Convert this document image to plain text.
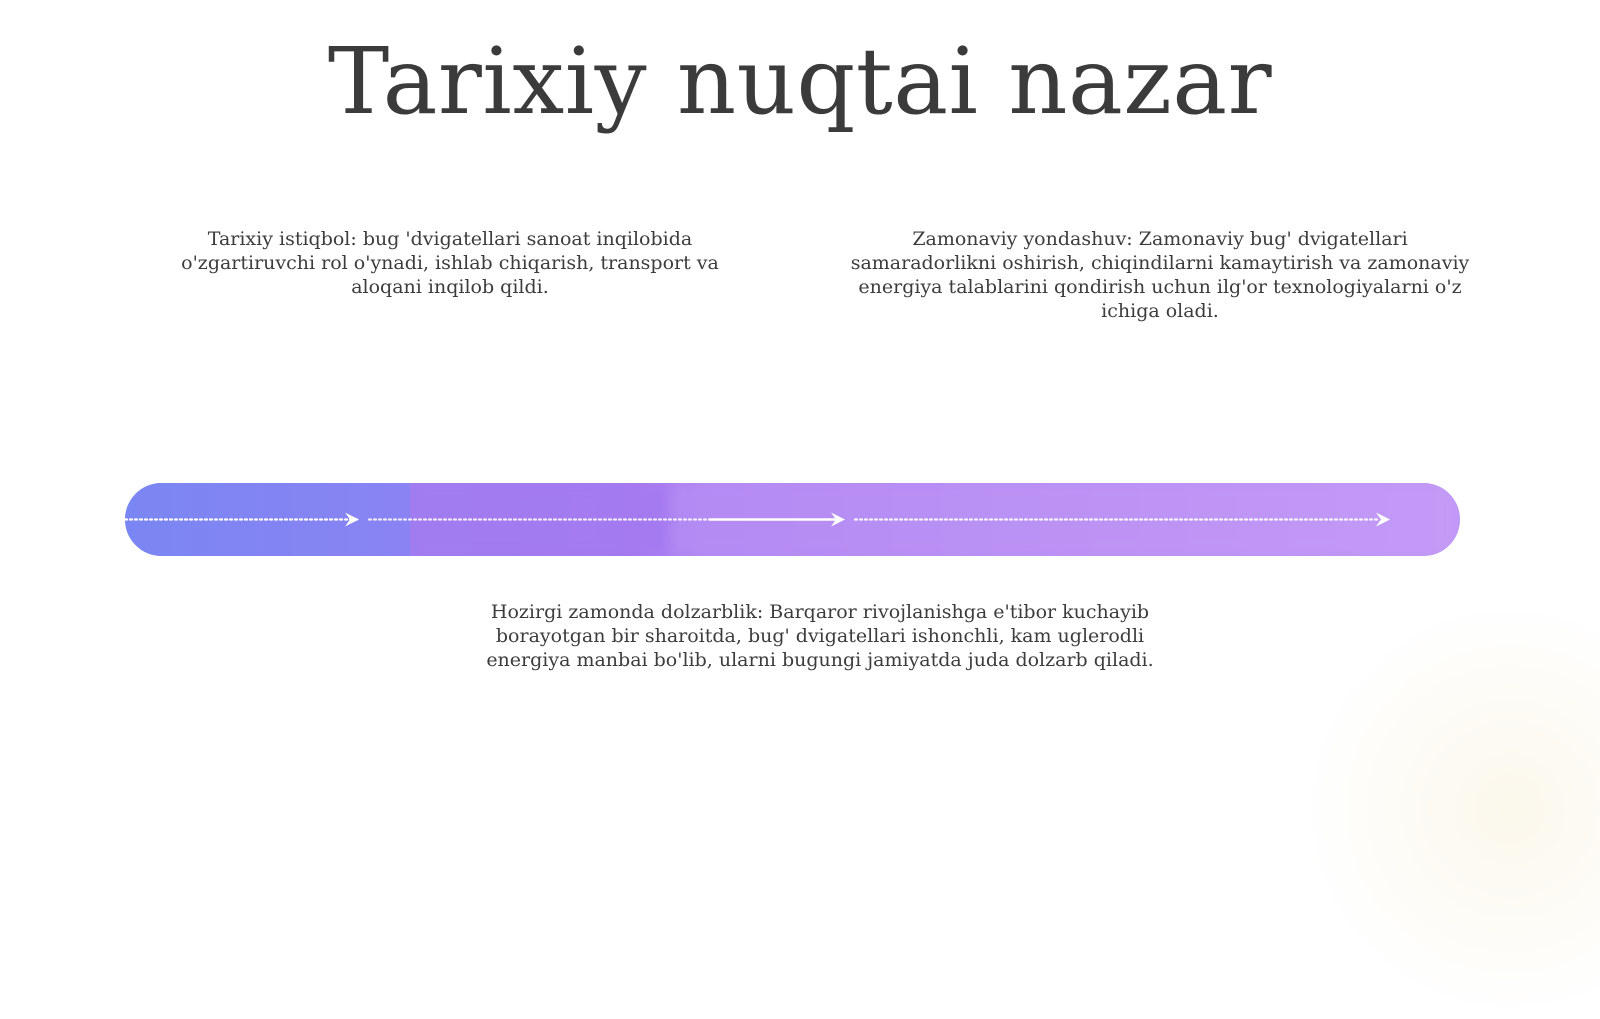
Tarixiy nuqtai nazar

Tarixiy istiqbol: bug 'dvigatellari sanoat inqilobida o'zgartiruvchi rol o'ynadi, ishlab chiqarish, transport va aloqani inqilob qildi.

Zamonaviy yondashuv: Zamonaviy bug' dvigatellari samaradorlikni oshirish, chiqindilarni kamaytirish va zamonaviy energiya talablarini qondirish uchun ilg'or texnologiyalarni o'z ichiga oladi.

Hozirgi zamonda dolzarblik: Barqaror rivojlanishga e'tibor kuchayib borayotgan bir sharoitda, bug' dvigatellari ishonchli, kam uglerodli energiya manbai bo'lib, ularni bugungi jamiyatda juda dolzarb qiladi.
